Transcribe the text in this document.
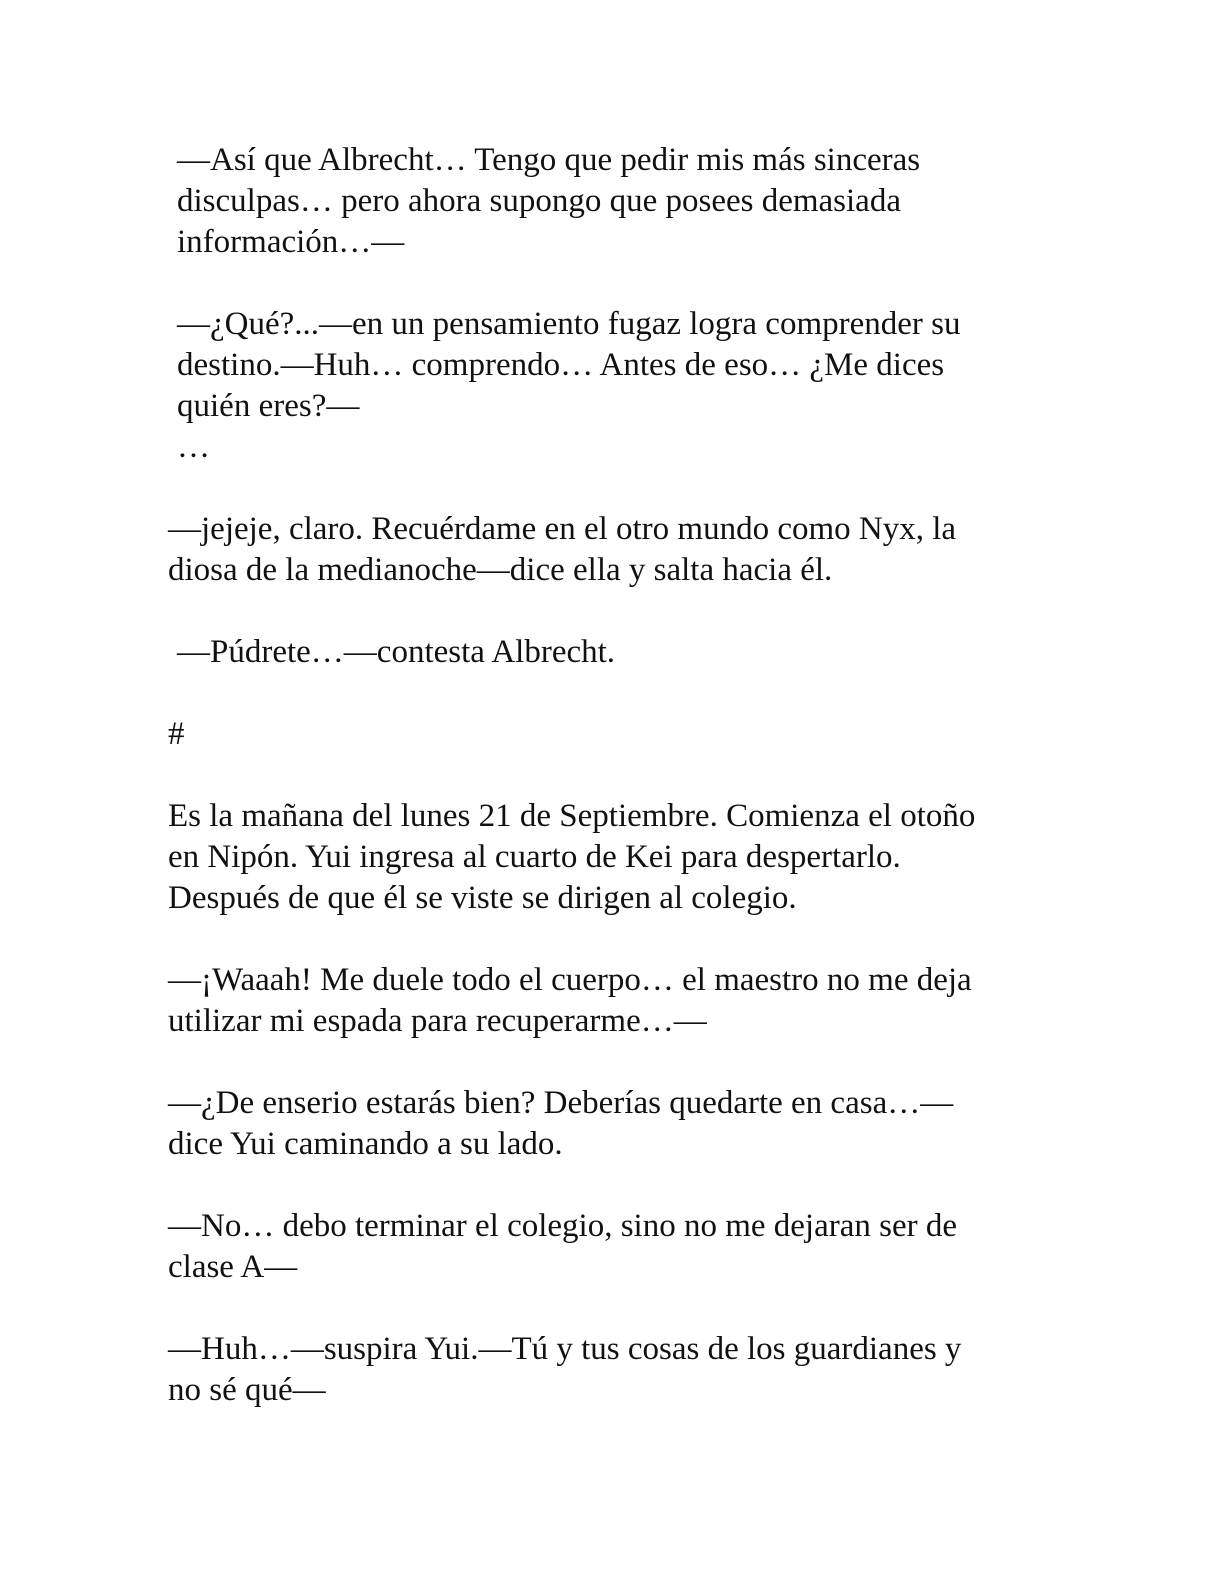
—Así que Albrecht… Tengo que pedir mis más sinceras
disculpas… pero ahora supongo que posees demasiada
información…—

—¿Qué?...—en un pensamiento fugaz logra comprender su
destino.—Huh… comprendo… Antes de eso… ¿Me dices
quién eres?—
…

—jejeje, claro. Recuérdame en el otro mundo como Nyx, la
diosa de la medianoche—dice ella y salta hacia él.

—Púdrete…—contesta Albrecht.

#

Es la mañana del lunes 21 de Septiembre. Comienza el otoño
en Nipón. Yui ingresa al cuarto de Kei para despertarlo.
Después de que él se viste se dirigen al colegio.

—¡Waaah! Me duele todo el cuerpo… el maestro no me deja
utilizar mi espada para recuperarme…—

—¿De enserio estarás bien? Deberías quedarte en casa…—
dice Yui caminando a su lado.

—No… debo terminar el colegio, sino no me dejaran ser de
clase A—

—Huh…—suspira Yui.—Tú y tus cosas de los guardianes y
no sé qué—
